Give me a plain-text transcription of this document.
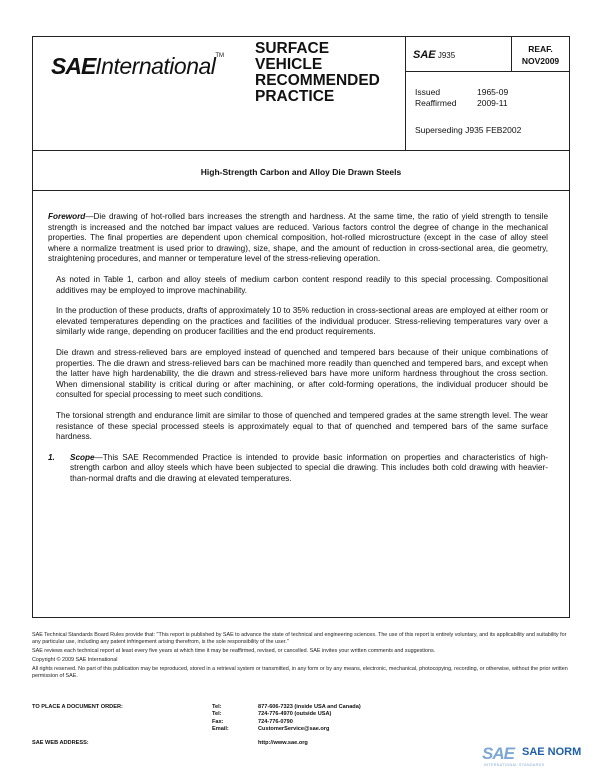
SAEInternational™ SURFACE
VEHICLE
RECOMMENDED
PRACTICE
SAE J935
REAF.
NOV2009
Issued	1965-09
Reaffirmed	2009-11
Superseding J935 FEB2002
High-Strength Carbon and Alloy Die Drawn Steels

Foreword—Die drawing of hot-rolled bars increases the strength and hardness. At the same time, the ratio of yield strength to tensile strength is increased and the notched bar impact values are reduced. Various factors control the degree of change in the mechanical properties. The final properties are dependent upon chemical composition, hot-rolled microstructure (except in the case of alloy steel where a normalize treatment is used prior to drawing), size, shape, and the amount of reduction in cross-sectional area, die geometry, straightening procedures, and manner or temperature level of the stress-relieving operation.

As noted in Table 1, carbon and alloy steels of medium carbon content respond readily to this special processing. Compositional additives may be employed to improve machinability.

In the production of these products, drafts of approximately 10 to 35% reduction in cross-sectional areas are employed at either room or elevated temperatures depending on the practices and facilities of the individual producer. Stress-relieving temperatures vary over a similarly wide range, depending on producer facilities and the end product requirements.

Die drawn and stress-relieved bars are employed instead of quenched and tempered bars because of their unique combinations of properties. The die drawn and stress-relieved bars can be machined more readily than quenched and tempered bars, and except when the latter have high hardenability, the die drawn and stress-relieved bars have more uniform hardness throughout the cross section. When dimensional stability is critical during or after machining, or after cold-forming operations, the individual producer should be consulted for special processing to meet such conditions.

The torsional strength and endurance limit are similar to those of quenched and tempered grades at the same strength level. The wear resistance of these special processed steels is approximately equal to that of quenched and tempered bars of the same surface hardness.

1.	Scope—This SAE Recommended Practice is intended to provide basic information on properties and characteristics of high-strength carbon and alloy steels which have been subjected to special die drawing. This includes both cold drawing with heavier-than-normal drafts and die drawing at elevated temperatures.

SAE Technical Standards Board Rules provide that: "This report is published by SAE to advance the state of technical and engineering sciences. The use of this report is entirely voluntary, and its applicability and suitability for any particular use, including any patent infringement arising therefrom, is the sole responsibility of the user."

SAE reviews each technical report at least every five years at which time it may be reaffirmed, revised, or cancelled. SAE invites your written comments and suggestions.

Copyright © 2009 SAE International

All rights reserved. No part of this publication may be reproduced, stored in a retrieval system or transmitted, in any form or by any means, electronic, mechanical, photocopying, recording, or otherwise, without the prior written permission of SAE.

TO PLACE A DOCUMENT ORDER:	Tel:	877-606-7323 (inside USA and Canada)
Tel:	724-776-4970 (outside USA)
Fax:	724-776-0790
Email:	CustomerService@sae.org
SAE WEB ADDRESS:	http://www.sae.org
SAE SAE NORM
INTERNATIONAL STANDARDS
